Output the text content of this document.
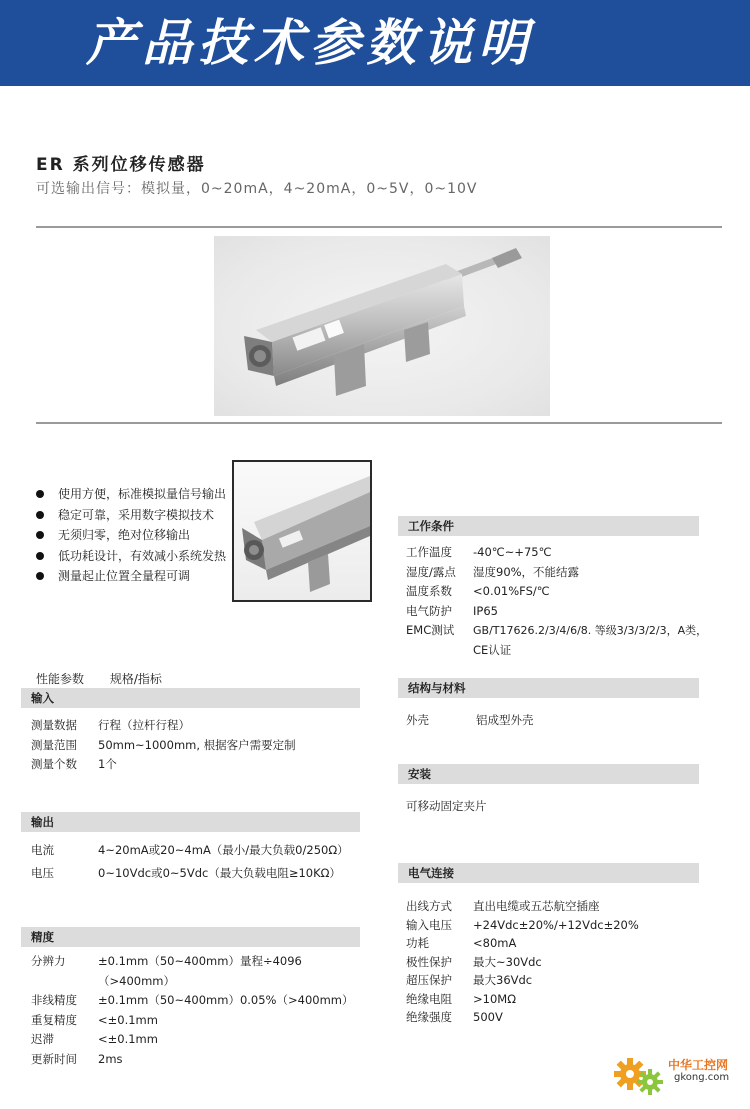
产品技术参数说明
ER 系列位移传感器
可选输出信号：模拟量，0~20mA，4~20mA，0~5V，0~10V
使用方便，标准模拟量信号输出
稳定可靠，采用数字模拟技术
无须归零，绝对位移输出
低功耗设计，有效减小系统发热
测量起止位置全量程可调
性能参数 规格/指标
输入
测量数据	行程（拉杆行程）
测量范围	50mm~1000mm, 根据客户需要定制
测量个数	1个
输出
电流	4~20mA或20~4mA（最小/最大负载0/250Ω）
电压	0~10Vdc或0~5Vdc（最大负载电阻≥10KΩ）
精度
分辨力	±0.1mm（50~400mm）量程÷4096（>400mm）
非线精度	±0.1mm（50~400mm）0.05%（>400mm）
重复精度	<±0.1mm
迟滞	<±0.1mm
更新时间	2ms
工作条件
工作温度	-40℃~+75℃
湿度/露点	湿度90%，不能结露
温度系数	<0.01%FS/℃
电气防护	IP65
EMC测试	GB/T17626.2/3/4/6/8. 等级3/3/3/2/3，A类，
CE认证
结构与材料
外壳	铝成型外壳
安装
可移动固定夹片
电气连接
出线方式	直出电缆或五芯航空插座
输入电压	+24Vdc±20%/+12Vdc±20%
功耗	<80mA
极性保护	最大~30Vdc
超压保护	最大36Vdc
绝缘电阻	>10MΩ
绝缘强度	500V
中华工控网
gkong.com
